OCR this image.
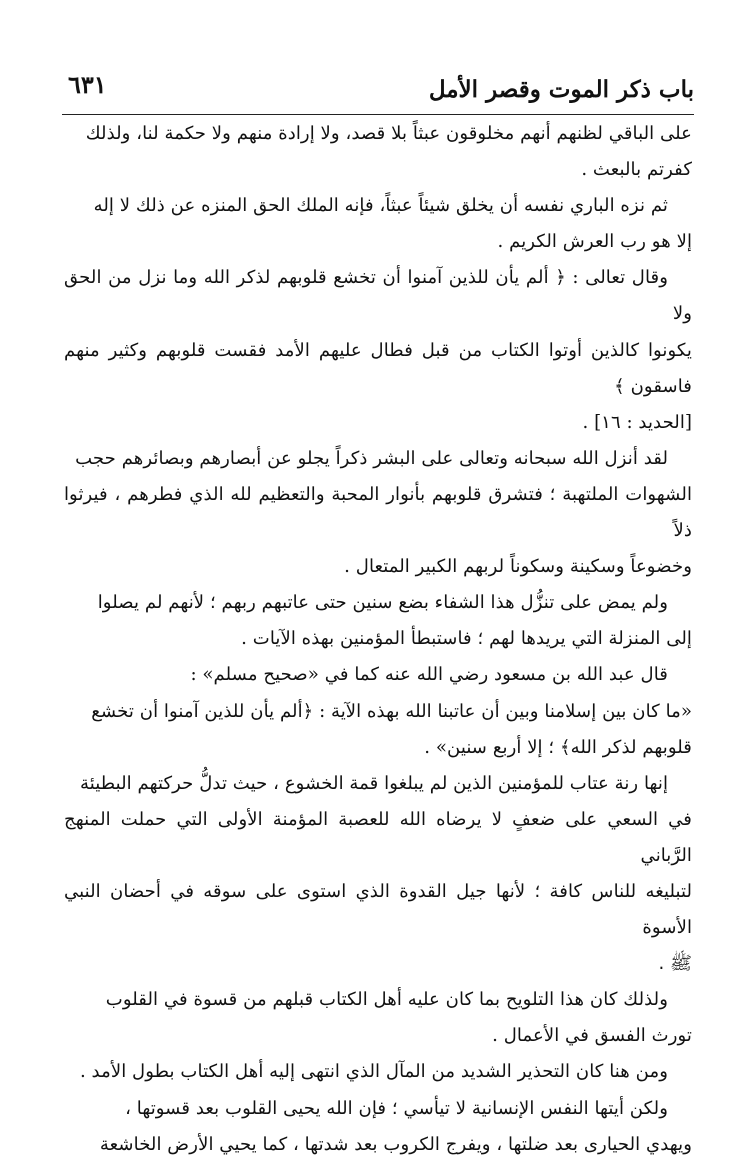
باب ذكر الموت وقصر الأمل
٦٣١

على الباقي لظنهم أنهم مخلوقون عبثاً بلا قصد، ولا إرادة منهم ولا حكمة لنا، ولذلك
كفرتم بالبعث .

ثم نزه الباري نفسه أن يخلق شيئاً عبثاً، فإنه الملك الحق المنزه عن ذلك لا إله
إلا هو رب العرش الكريم .

وقال تعالى : ﴿ ألم يأن للذين آمنوا أن تخشع قلوبهم لذكر الله وما نزل من الحق ولا
يكونوا كالذين أوتوا الكتاب من قبل فطال عليهم الأمد فقست قلوبهم وكثير منهم فاسقون ﴾
[الحديد : ١٦] .

لقد أنزل الله سبحانه وتعالى على البشر ذكراً يجلو عن أبصارهم وبصائرهم حجب
الشهوات الملتهبة ؛ فتشرق قلوبهم بأنوار المحبة والتعظيم لله الذي فطرهم ، فيرثوا ذلاً
وخضوعاً وسكينة وسكوناً لربهم الكبير المتعال .

ولم يمض على تنزُّل هذا الشفاء بضع سنين حتى عاتبهم ربهم ؛ لأنهم لم يصلوا
إلى المنزلة التي يريدها لهم ؛ فاستبطأ المؤمنين بهذه الآيات .

قال عبد الله بن مسعود رضي الله عنه كما في «صحيح مسلم» :

«ما كان بين إسلامنا وبين أن عاتبنا الله بهذه الآية : ﴿ألم يأن للذين آمنوا أن تخشع
قلوبهم لذكر الله﴾ ؛ إلا أربع سنين» .

إنها رنة عتاب للمؤمنين الذين لم يبلغوا قمة الخشوع ، حيث تدلُّ حركتهم البطيئة
في السعي على ضعفٍ لا يرضاه الله للعصبة المؤمنة الأولى التي حملت المنهج الرَّباني
لتبليغه للناس كافة ؛ لأنها جيل القدوة الذي استوى على سوقه في أحضان النبي الأسوة
ﷺ .

ولذلك كان هذا التلويح بما كان عليه أهل الكتاب قبلهم من قسوة في القلوب
تورث الفسق في الأعمال .

ومن هنا كان التحذير الشديد من المآل الذي انتهى إليه أهل الكتاب بطول الأمد .

ولكن أيتها النفس الإنسانية لا تيأسي ؛ فإن الله يحيى القلوب بعد قسوتها ،
ويهدي الحيارى بعد ضلتها ، ويفرج الكروب بعد شدتها ، كما يحيي الأرض الخاشعة
